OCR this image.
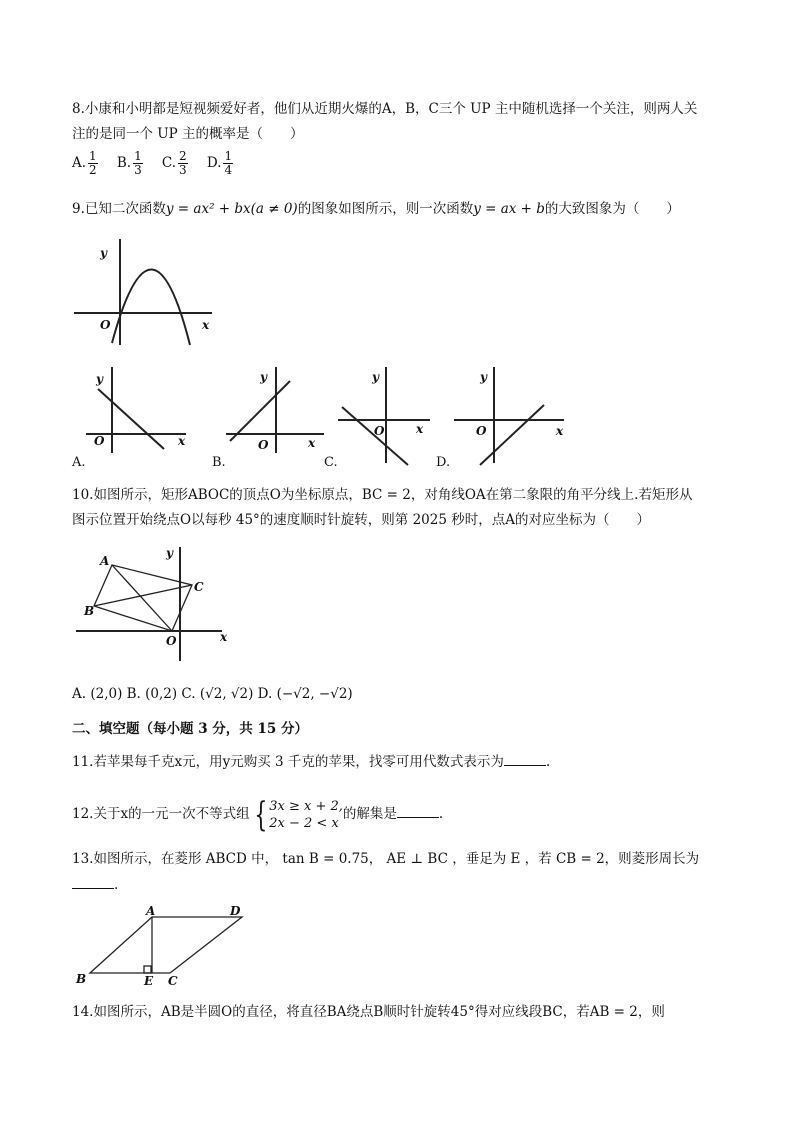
8.小康和小明都是短视频爱好者，他们从近期火爆的A，B，C三个 UP 主中随机选择一个关注，则两人关
注的是同一个 UP 主的概率是（　　）
A. $\frac{1}{2} B$. $\frac{1}{3} C$. $\frac{2}{3} D$. $\frac{1}{4}$
9.已知二次函数y = ax² + bx(a ≠ 0)的图象如图所示，则一次函数y = ax + b的大致图象为（　　）
y
O	x
y
O	x
A.
y
O	x
B.
y
O	x
C.
y
O	x
D.
10.如图所示，矩形ABOC的顶点O为坐标原点，BC = 2，对角线OA在第二象限的角平分线上.若矩形从
图示位置开始绕点O以每秒 45°的速度顺时针旋转，则第 2025 秒时，点A的对应坐标为（　　）
A
B
C
O
y
x
A. (2,0) B. (0,2) C. (√2, √2) D. (−√2, −√2)
二、填空题（每小题 3 分，共 15 分）
11.若苹果每千克x元，用y元购买 3 千克的苹果，找零可用代数式表示为	.
12.关于x的一元一次不等式组 { 3x ≥ x + 2,
2x − 2 < x
的解集是	.
13.如图所示，在菱形 ABCD 中， tan B = 0.75， AE ⊥ BC ，垂足为 E ，若 CB = 2，则菱形周长为
.
A	D
B	E C
14.如图所示，AB是半圆O的直径，将直径BA绕点B顺时针旋转45°得对应线段BC，若AB = 2，则
